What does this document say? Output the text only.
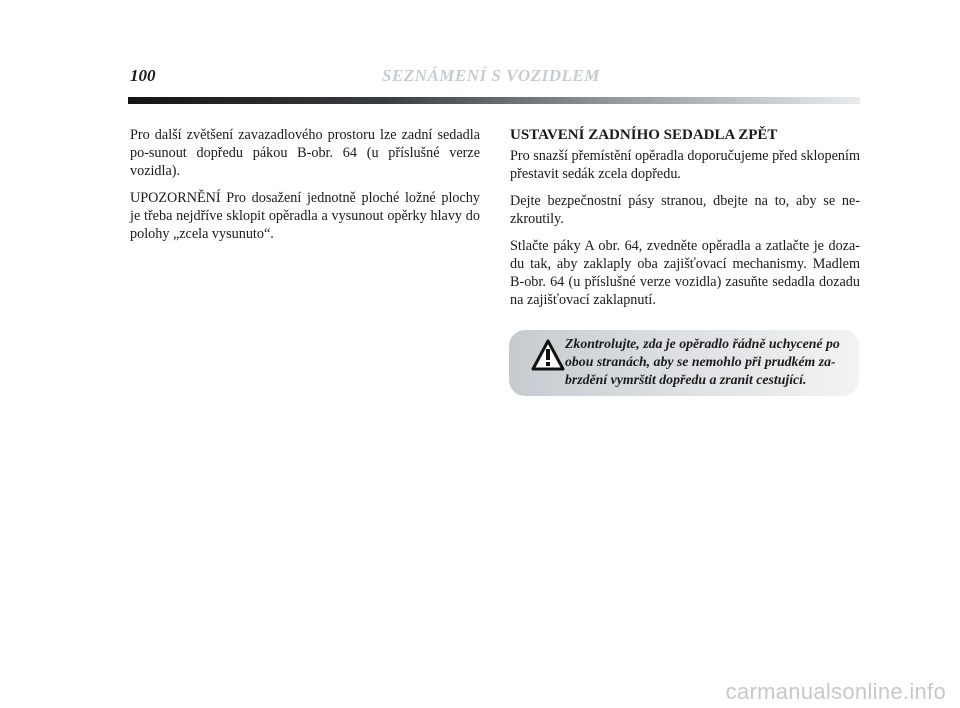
100	SEZNÁMENÍ S VOZIDLEM

Pro další zvětšení zavazadlového prostoru lze zadní sedadla po-sunout dopředu pákou B-obr. 64 (u příslušné verze vozidla).

UPOZORNĚNÍ Pro dosažení jednotně ploché ložné plochy je třeba nejdříve sklopit opěradla a vysunout opěrky hlavy do polohy „zcela vysunuto“.

USTAVENÍ ZADNÍHO SEDADLA ZPĚT

Pro snazší přemístění opěradla doporučujeme před sklopením přestavit sedák zcela dopředu.

Dejte bezpečnostní pásy stranou, dbejte na to, aby se ne-zkroutily.

Stlačte páky A obr. 64, zvedněte opěradla a zatlačte je doza-du tak, aby zaklaply oba zajišťovací mechanismy. Madlem B-obr. 64 (u příslušné verze vozidla) zasuňte sedadla dozadu na zajišťovací zaklapnutí.

Zkontrolujte, zda je opěradlo řádně uchycené po obou stranách, aby se nemohlo při prudkém za-brzdění vymrštit dopředu a zranit cestující.

carmanualsonline.info
